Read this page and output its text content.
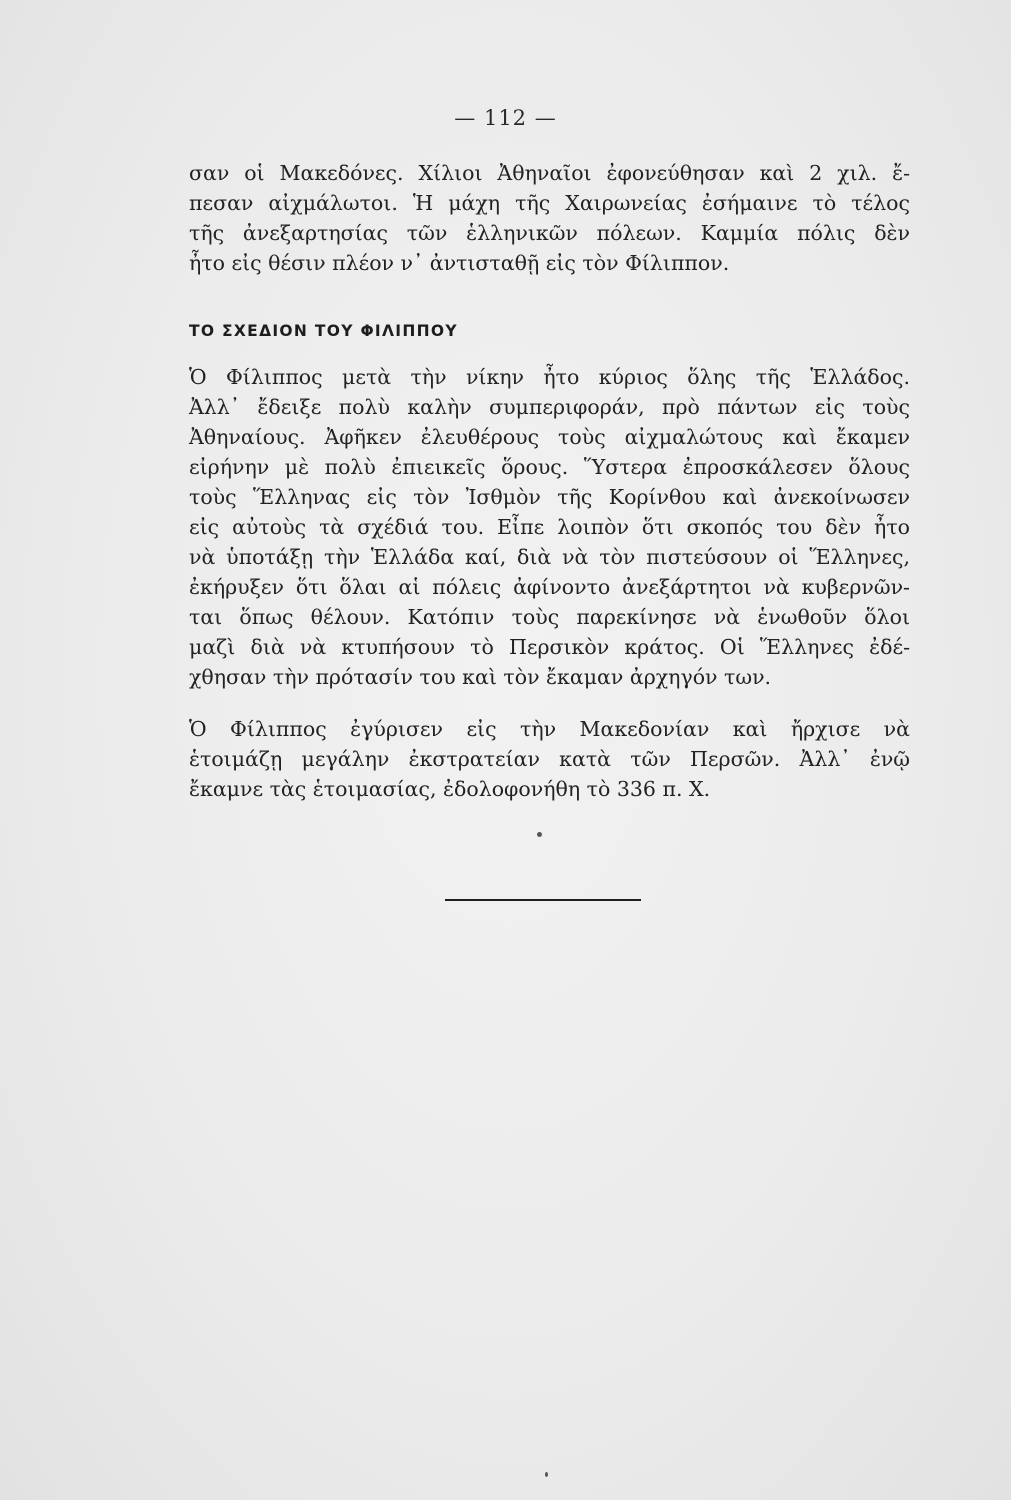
— 112 —
σαν οἱ Μακεδόνες. Χίλιοι Ἀθηναῖοι ἐφονεύθησαν καὶ 2 χιλ. ἔ-
πεσαν αἰχμάλωτοι. Ἡ μάχη τῆς Χαιρωνείας ἐσήμαινε τὸ τέλος
τῆς ἀνεξαρτησίας τῶν ἑλληνικῶν πόλεων. Καμμία πόλις δὲν
ἦτο εἰς θέσιν πλέον ν᾿ ἀντισταθῇ εἰς τὸν Φίλιππον.
ΤΟ ΣΧΕΔΙΟΝ ΤΟΥ ΦΙΛΙΠΠΟΥ
Ὁ Φίλιππος μετὰ τὴν νίκην ἦτο κύριος ὅλης τῆς Ἑλλάδος.
Ἀλλ᾿ ἔδειξε πολὺ καλὴν συμπεριφοράν, πρὸ πάντων εἰς τοὺς
Ἀθηναίους. Ἀφῆκεν ἐλευθέρους τοὺς αἰχμαλώτους καὶ ἔκαμεν
εἰρήνην μὲ πολὺ ἐπιεικεῖς ὅρους. Ὕστερα ἐπροσκάλεσεν ὅλους
τοὺς Ἕλληνας εἰς τὸν Ἰσθμὸν τῆς Κορίνθου καὶ ἀνεκοίνωσεν
εἰς αὐτοὺς τὰ σχέδιά του. Εἶπε λοιπὸν ὅτι σκοπός του δὲν ἦτο
νὰ ὑποτάξῃ τὴν Ἑλλάδα καί, διὰ νὰ τὸν πιστεύσουν οἱ Ἕλληνες,
ἐκήρυξεν ὅτι ὅλαι αἱ πόλεις ἀφίνοντο ἀνεξάρτητοι νὰ κυβερνῶν-
ται ὅπως θέλουν. Κατόπιν τοὺς παρεκίνησε νὰ ἑνωθοῦν ὅλοι
μαζὶ διὰ νὰ κτυπήσουν τὸ Περσικὸν κράτος. Οἱ Ἕλληνες ἐδέ-
χθησαν τὴν πρότασίν του καὶ τὸν ἔκαμαν ἀρχηγόν των.
Ὁ Φίλιππος ἐγύρισεν εἰς τὴν Μακεδονίαν καὶ ἤρχισε νὰ
ἑτοιμάζῃ μεγάλην ἐκστρατείαν κατὰ τῶν Περσῶν. Ἀλλ᾿ ἐνῷ
ἔκαμνε τὰς ἑτοιμασίας, ἐδολοφονήθη τὸ 336 π. Χ.
